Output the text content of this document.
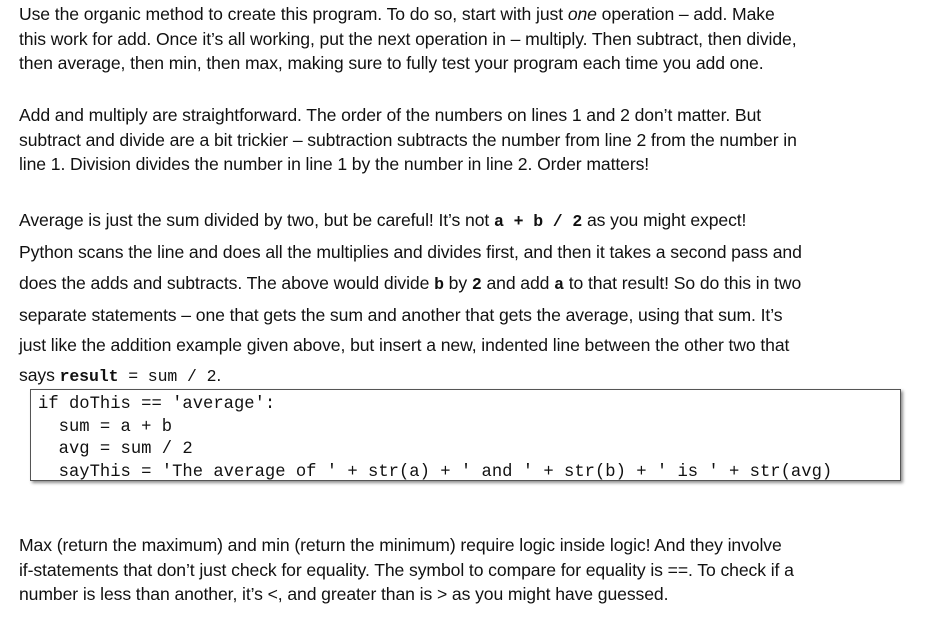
Use the organic method to create this program. To do so, start with just one operation – add. Make
this work for add. Once it’s all working, put the next operation in – multiply. Then subtract, then divide,
then average, then min, then max, making sure to fully test your program each time you add one.

Add and multiply are straightforward. The order of the numbers on lines 1 and 2 don’t matter. But
subtract and divide are a bit trickier – subtraction subtracts the number from line 2 from the number in
line 1. Division divides the number in line 1 by the number in line 2. Order matters!

Average is just the sum divided by two, but be careful! It’s not a + b / 2 as you might expect!
Python scans the line and does all the multiplies and divides first, and then it takes a second pass and
does the adds and subtracts. The above would divide b by 2 and add a to that result! So do this in two
separate statements – one that gets the sum and another that gets the average, using that sum. It’s
just like the addition example given above, but insert a new, indented line between the other two that
says result = sum / 2.

if doThis == 'average':
sum = a + b
avg = sum / 2
sayThis = 'The average of ' + str(a) + ' and ' + str(b) + ' is ' + str(avg)

Max (return the maximum) and min (return the minimum) require logic inside logic! And they involve
if-statements that don’t just check for equality. The symbol to compare for equality is ==. To check if a
number is less than another, it’s <, and greater than is > as you might have guessed.
